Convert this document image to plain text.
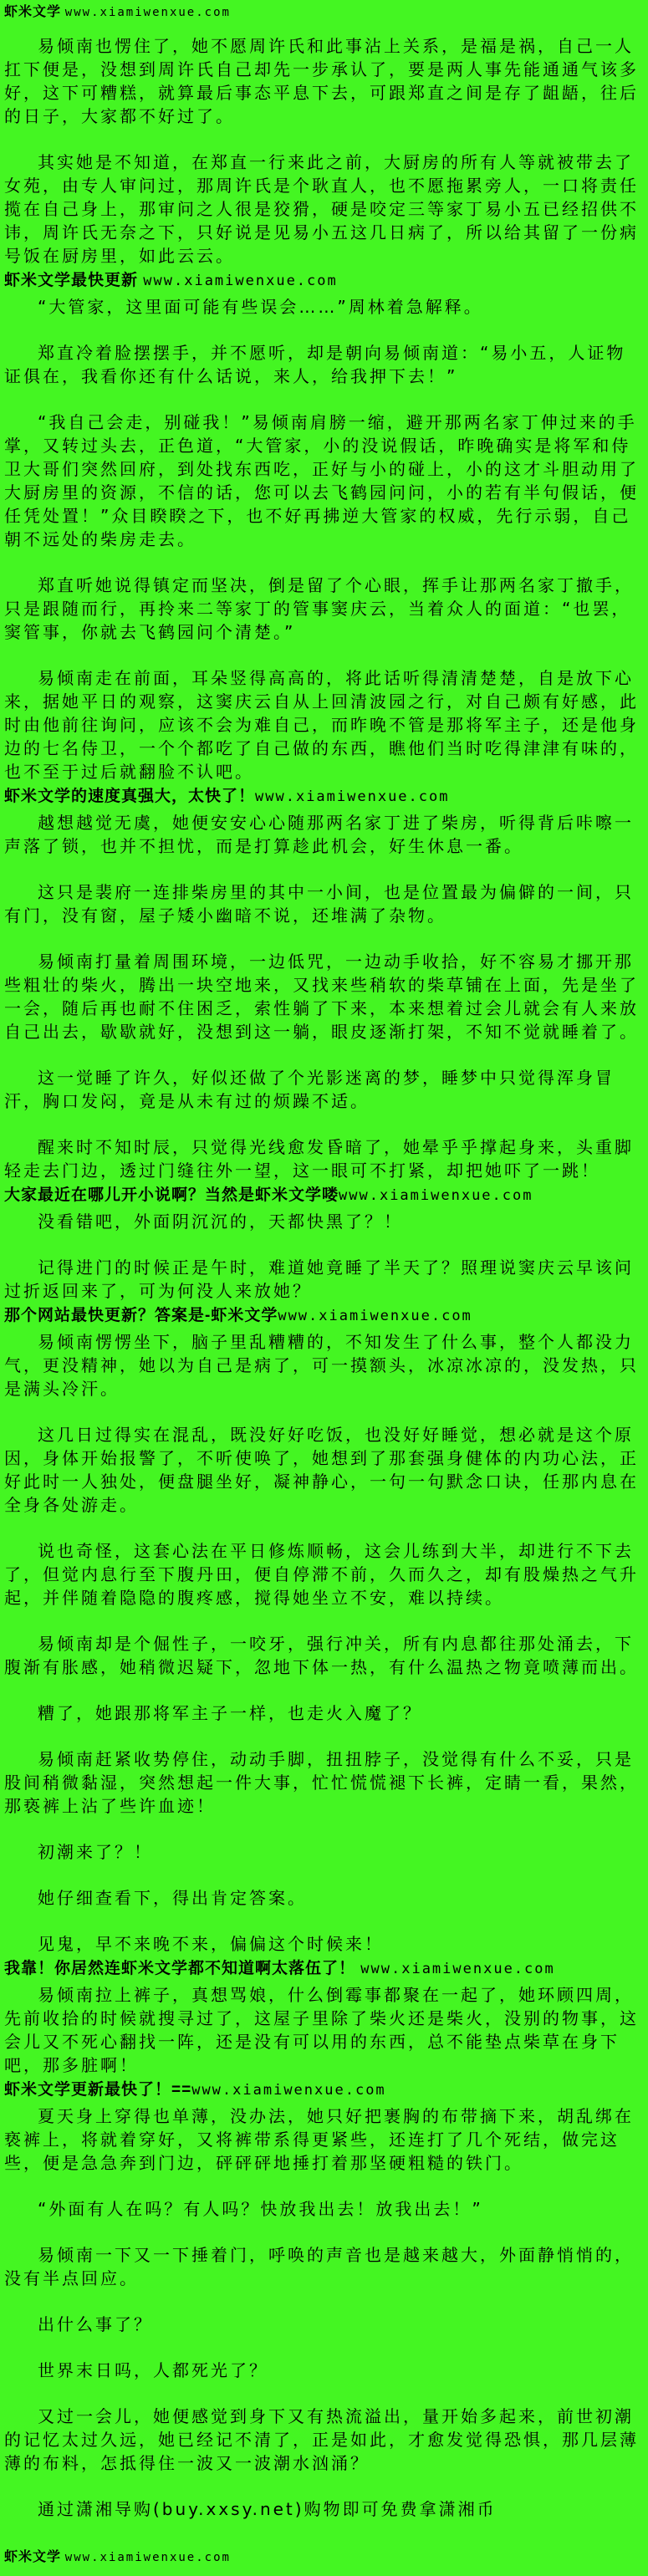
虾米文学 www.xiamiwenxue.com
易倾南也愣住了，她不愿周许氏和此事沾上关系，是福是祸，自己一人扛下便是，没想到周许氏自己却先一步承认了，要是两人事先能通通气该多好，这下可糟糕，就算最后事态平息下去，可跟郑直之间是存了龃龉，往后的日子，大家都不好过了。
其实她是不知道，在郑直一行来此之前，大厨房的所有人等就被带去了女苑，由专人审问过，那周许氏是个耿直人，也不愿拖累旁人，一口将责任揽在自己身上，那审问之人很是狡猾，硬是咬定三等家丁易小五已经招供不讳，周许氏无奈之下，只好说是见易小五这几日病了，所以给其留了一份病号饭在厨房里，如此云云。
虾米文学最快更新 www.xiamiwenxue.com
“大管家，这里面可能有些误会……”周林着急解释。
郑直冷着脸摆摆手，并不愿听，却是朝向易倾南道：“易小五，人证物证俱在，我看你还有什么话说，来人，给我押下去！”
“我自己会走，别碰我！”易倾南肩膀一缩，避开那两名家丁伸过来的手掌，又转过头去，正色道，“大管家，小的没说假话，昨晚确实是将军和侍卫大哥们突然回府，到处找东西吃，正好与小的碰上，小的这才斗胆动用了大厨房里的资源，不信的话，您可以去飞鹤园问问，小的若有半句假话，便任凭处置！”众目睽睽之下，也不好再拂逆大管家的权威，先行示弱，自己朝不远处的柴房走去。
郑直听她说得镇定而坚决，倒是留了个心眼，挥手让那两名家丁撤手，只是跟随而行，再拎来二等家丁的管事窦庆云，当着众人的面道：“也罢，窦管事，你就去飞鹤园问个清楚。”
易倾南走在前面，耳朵竖得高高的，将此话听得清清楚楚，自是放下心来，据她平日的观察，这窦庆云自从上回清波园之行，对自己颇有好感，此时由他前往询问，应该不会为难自己，而昨晚不管是那将军主子，还是他身边的七名侍卫，一个个都吃了自己做的东西，瞧他们当时吃得津津有味的，也不至于过后就翻脸不认吧。
虾米文学的速度真强大，太快了！www.xiamiwenxue.com
越想越觉无虞，她便安安心心随那两名家丁进了柴房，听得背后咔嚓一声落了锁，也并不担忧，而是打算趁此机会，好生休息一番。
这只是裴府一连排柴房里的其中一小间，也是位置最为偏僻的一间，只有门，没有窗，屋子矮小幽暗不说，还堆满了杂物。
易倾南打量着周围环境，一边低咒，一边动手收拾，好不容易才挪开那些粗壮的柴火，腾出一块空地来，又找来些稍软的柴草铺在上面，先是坐了一会，随后再也耐不住困乏，索性躺了下来，本来想着过会儿就会有人来放自己出去，歇歇就好，没想到这一躺，眼皮逐渐打架，不知不觉就睡着了。
这一觉睡了许久，好似还做了个光影迷离的梦，睡梦中只觉得浑身冒汗，胸口发闷，竟是从未有过的烦躁不适。
醒来时不知时辰，只觉得光线愈发昏暗了，她晕乎乎撑起身来，头重脚轻走去门边，透过门缝往外一望，这一眼可不打紧，却把她吓了一跳！
大家最近在哪儿开小说啊？当然是虾米文学喽www.xiamiwenxue.com
没看错吧，外面阴沉沉的，天都快黑了？！
记得进门的时候正是午时，难道她竟睡了半天了？照理说窦庆云早该问过折返回来了，可为何没人来放她？
那个网站最快更新？答案是-虾米文学www.xiamiwenxue.com
易倾南愣愣坐下，脑子里乱糟糟的，不知发生了什么事，整个人都没力气，更没精神，她以为自己是病了，可一摸额头，冰凉冰凉的，没发热，只是满头冷汗。
这几日过得实在混乱，既没好好吃饭，也没好好睡觉，想必就是这个原因，身体开始报警了，不听使唤了，她想到了那套强身健体的内功心法，正好此时一人独处，便盘腿坐好，凝神静心，一句一句默念口诀，任那内息在全身各处游走。
说也奇怪，这套心法在平日修炼顺畅，这会儿练到大半，却进行不下去了，但觉内息行至下腹丹田，便自停滞不前，久而久之，却有股燥热之气升起，并伴随着隐隐的腹疼感，搅得她坐立不安，难以持续。
易倾南却是个倔性子，一咬牙，强行冲关，所有内息都往那处涌去，下腹渐有胀感，她稍微迟疑下，忽地下体一热，有什么温热之物竟喷薄而出。
糟了，她跟那将军主子一样，也走火入魔了？
易倾南赶紧收势停住，动动手脚，扭扭脖子，没觉得有什么不妥，只是股间稍微黏湿，突然想起一件大事，忙忙慌慌褪下长裤，定睛一看，果然，那亵裤上沾了些许血迹！
初潮来了？！
她仔细查看下，得出肯定答案。
见鬼，早不来晚不来，偏偏这个时候来！
我靠！你居然连虾米文学都不知道啊太落伍了！ www.xiamiwenxue.com
易倾南拉上裤子，真想骂娘，什么倒霉事都聚在一起了，她环顾四周，先前收拾的时候就搜寻过了，这屋子里除了柴火还是柴火，没别的物事，这会儿又不死心翻找一阵，还是没有可以用的东西，总不能垫点柴草在身下吧，那多脏啊！
虾米文学更新最快了！==www.xiamiwenxue.com
夏天身上穿得也单薄，没办法，她只好把裹胸的布带摘下来，胡乱绑在亵裤上，将就着穿好，又将裤带系得更紧些，还连打了几个死结，做完这些，便是急急奔到门边，砰砰砰地捶打着那坚硬粗糙的铁门。
“外面有人在吗？有人吗？快放我出去！放我出去！”
易倾南一下又一下捶着门，呼唤的声音也是越来越大，外面静悄悄的，没有半点回应。
出什么事了？
世界末日吗，人都死光了？
又过一会儿，她便感觉到身下又有热流溢出，量开始多起来，前世初潮的记忆太过久远，她已经记不清了，正是如此，才愈发觉得恐惧，那几层薄薄的布料，怎抵得住一波又一波潮水汹涌？
通过潇湘导购(buy.xxsy.net)购物即可免费拿潇湘币
虾米文学 www.xiamiwenxue.com
